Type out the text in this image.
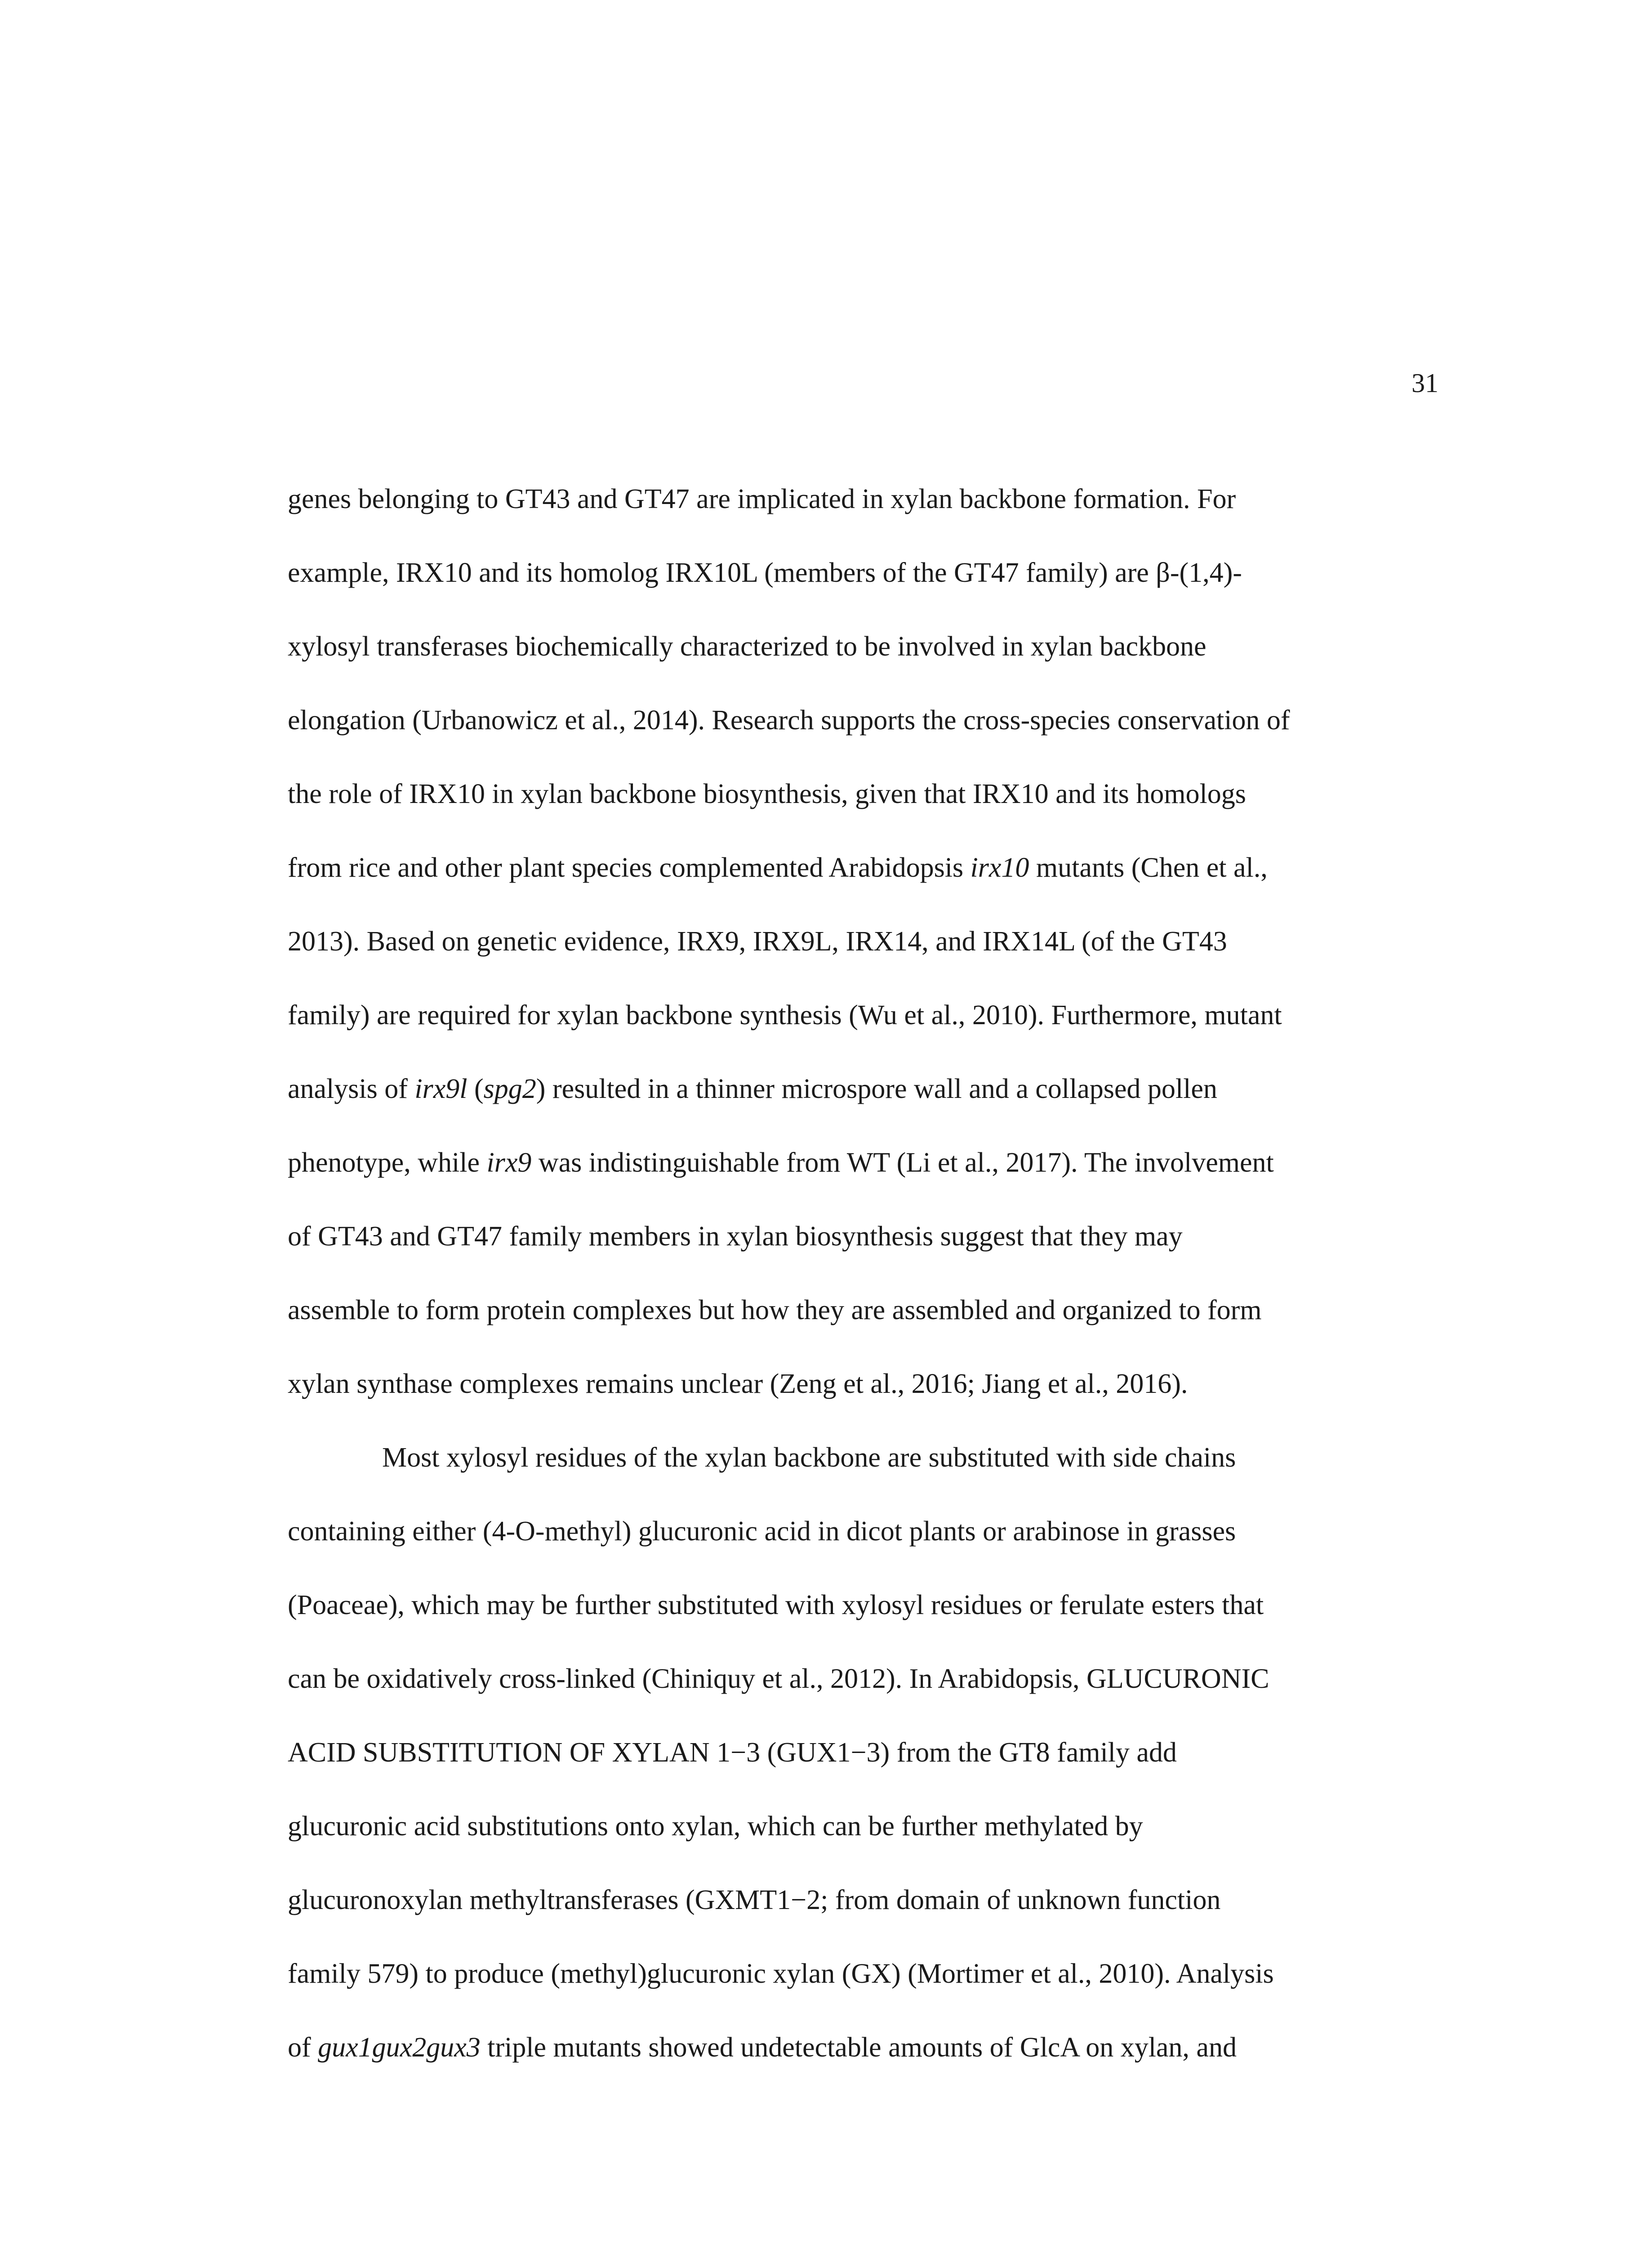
31
genes belonging to GT43 and GT47 are implicated in xylan backbone formation. For
example, IRX10 and its homolog IRX10L (members of the GT47 family) are β-(1,4)-
xylosyl transferases biochemically characterized to be involved in xylan backbone
elongation (Urbanowicz et al., 2014). Research supports the cross-species conservation of
the role of IRX10 in xylan backbone biosynthesis, given that IRX10 and its homologs
from rice and other plant species complemented Arabidopsis irx10 mutants (Chen et al.,
2013). Based on genetic evidence, IRX9, IRX9L, IRX14, and IRX14L (of the GT43
family) are required for xylan backbone synthesis (Wu et al., 2010). Furthermore, mutant
analysis of irx9l (spg2) resulted in a thinner microspore wall and a collapsed pollen
phenotype, while irx9 was indistinguishable from WT (Li et al., 2017). The involvement
of GT43 and GT47 family members in xylan biosynthesis suggest that they may
assemble to form protein complexes but how they are assembled and organized to form
xylan synthase complexes remains unclear (Zeng et al., 2016; Jiang et al., 2016).
Most xylosyl residues of the xylan backbone are substituted with side chains
containing either (4-O-methyl) glucuronic acid in dicot plants or arabinose in grasses
(Poaceae), which may be further substituted with xylosyl residues or ferulate esters that
can be oxidatively cross-linked (Chiniquy et al., 2012). In Arabidopsis, GLUCURONIC
ACID SUBSTITUTION OF XYLAN 1−3 (GUX1−3) from the GT8 family add
glucuronic acid substitutions onto xylan, which can be further methylated by
glucuronoxylan methyltransferases (GXMT1−2; from domain of unknown function
family 579) to produce (methyl)glucuronic xylan (GX) (Mortimer et al., 2010). Analysis
of gux1gux2gux3 triple mutants showed undetectable amounts of GlcA on xylan, and
